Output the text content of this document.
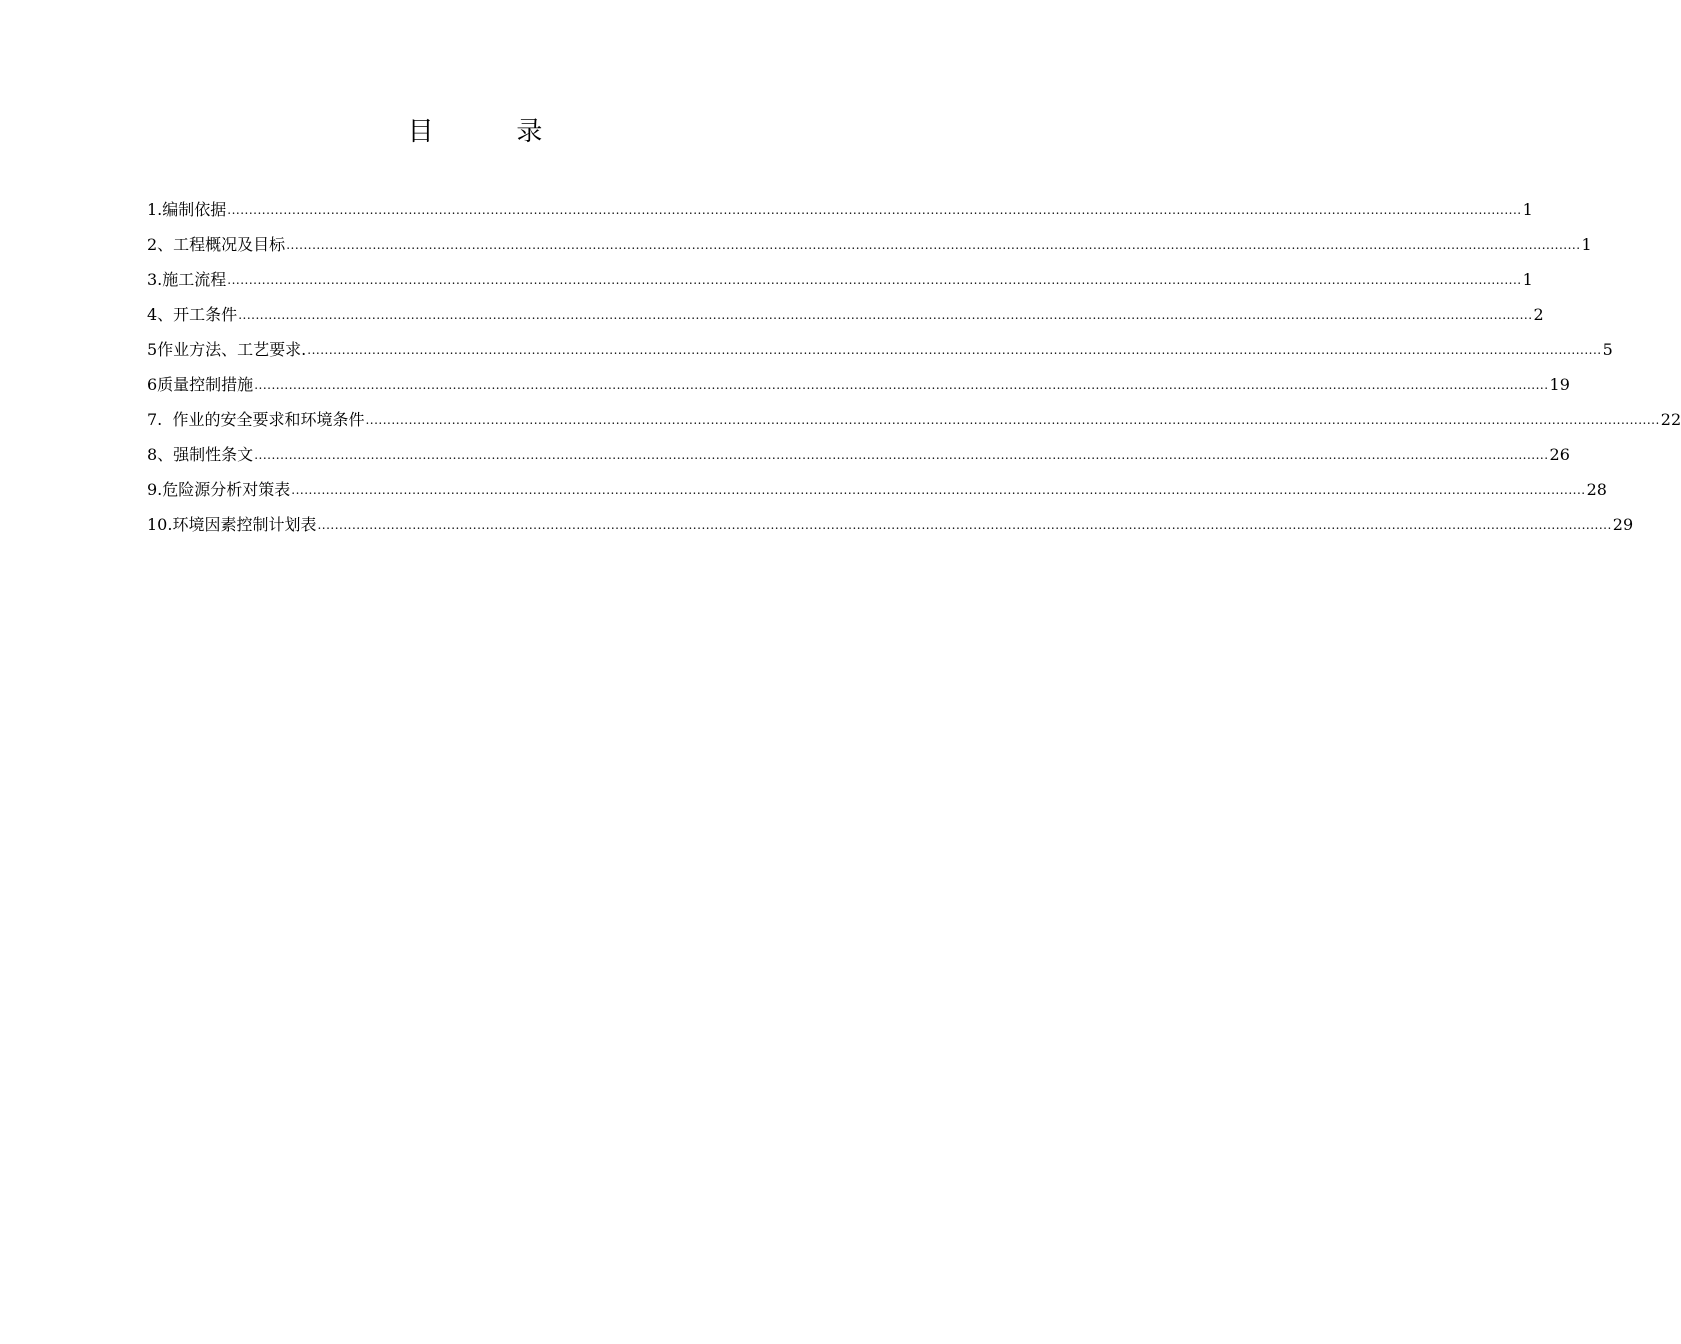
目          录
1.编制依据 ............................................................................................................................................................................................................................................................................................................ 1
2、工程概况及目标 ............................................................................................................................................................................................................................................................................................................ 1
3.施工流程 ............................................................................................................................................................................................................................................................................................................ 1
4、开工条件 ............................................................................................................................................................................................................................................................................................................ 2
5作业方法、工艺要求. ............................................................................................................................................................................................................................................................................................................ 5
6质量控制措施 ............................................................................................................................................................................................................................................................................................................ 19
7.  作业的安全要求和环境条件 ............................................................................................................................................................................................................................................................................................................ 22
8、强制性条文 ............................................................................................................................................................................................................................................................................................................ 26
9.危险源分析对策表 ............................................................................................................................................................................................................................................................................................................ 28
10.环境因素控制计划表 ............................................................................................................................................................................................................................................................................................................ 29
